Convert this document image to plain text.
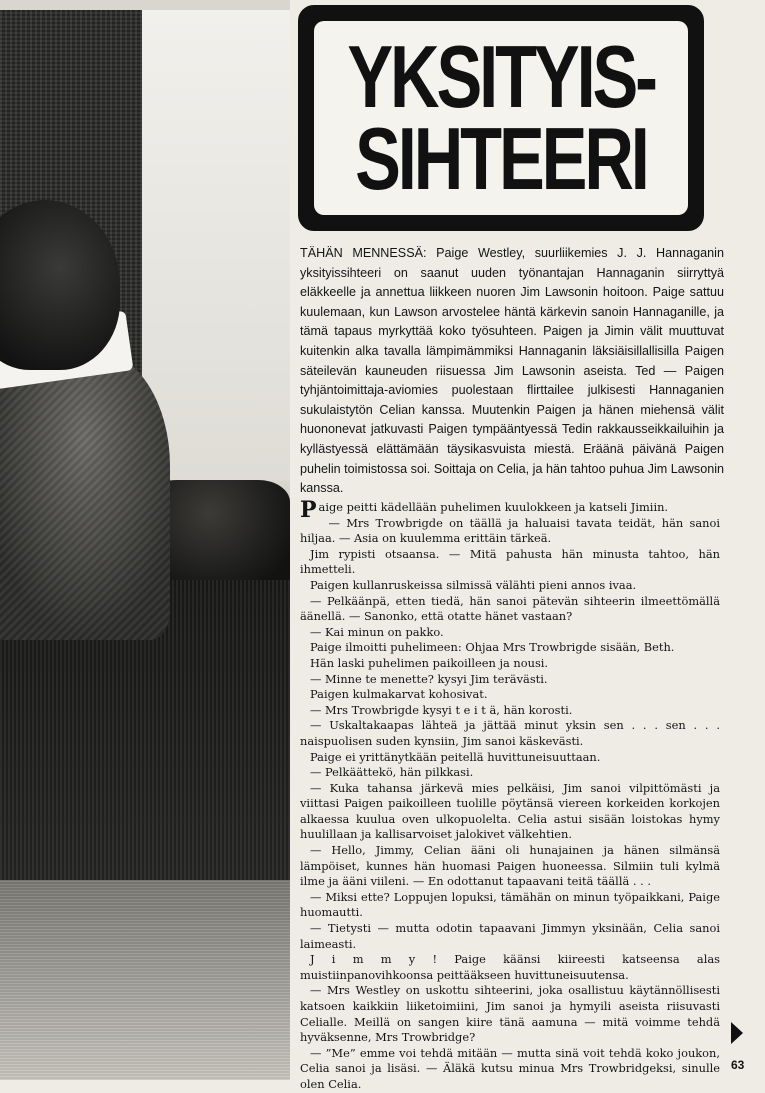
YKSITYIS-
SIHTEERI

TÄHÄN MENNESSÄ: Paige Westley, suurliikemies J. J. Hannaganin yksityissihteeri on saanut uuden työnantajan Hannaganin siirryttyä eläkkeelle ja annettua liikkeen nuoren Jim Lawsonin hoitoon. Paige sattuu kuulemaan, kun Lawson arvostelee häntä kärkevin sanoin Hannaganille, ja tämä tapaus myrkyttää koko työsuhteen. Paigen ja Jimin välit muuttuvat kuitenkin alka tavalla lämpimämmiksi Hannaganin läksiäisillallisilla Paigen säteilevän kauneuden riisuessa Jim Lawsonin aseista. Ted — Paigen tyhjäntoimittaja-aviomies puolestaan flirttailee julkisesti Hannaganien sukulaistytön Celian kanssa. Muutenkin Paigen ja hänen miehensä välit huononevat jatkuvasti Paigen tympääntyessä Tedin rakkausseikkailuihin ja kyllästyessä elättämään täysikasvuista miestä. Eräänä päivänä Paigen puhelin toimistossa soi. Soittaja on Celia, ja hän tahtoo puhua Jim Lawsonin kanssa.

Paige peitti kädellään puhelimen kuulokkeen ja katseli Jimiin.

— Mrs Trowbrigde on täällä ja haluaisi tavata teidät, hän sanoi hiljaa. — Asia on kuulemma erittäin tärkeä.

Jim rypisti otsaansa. — Mitä pahusta hän minusta tahtoo, hän ihmetteli.

Paigen kullanruskeissa silmissä välähti pieni annos ivaa.

— Pelkäänpä, etten tiedä, hän sanoi pätevän sihteerin ilmeettömällä äänellä. — Sanonko, että otatte hänet vastaan?

— Kai minun on pakko.

Paige ilmoitti puhelimeen: Ohjaa Mrs Trowbrigde sisään, Beth.

Hän laski puhelimen paikoilleen ja nousi.

— Minne te menette? kysyi Jim terävästi.

Paigen kulmakarvat kohosivat.

— Mrs Trowbrigde kysyi t e i t ä, hän korosti.

— Uskaltakaapas lähteä ja jättää minut yksin sen . . . sen . . . naispuolisen suden kynsiin, Jim sanoi käskevästi.

Paige ei yrittänytkään peitellä huvittuneisuuttaan.

— Pelkäättekö, hän pilkkasi.

— Kuka tahansa järkevä mies pelkäisi, Jim sanoi vilpittömästi ja viittasi Paigen paikoilleen tuolille pöytänsä viereen korkeiden korkojen alkaessa kuulua oven ulkopuolelta. Celia astui sisään loistokas hymy huulillaan ja kallisarvoiset jalokivet välkehtien.

— Hello, Jimmy, Celian ääni oli hunajainen ja hänen silmänsä lämpöiset, kunnes hän huomasi Paigen huoneessa. Silmiin tuli kylmä ilme ja ääni viileni. — En odottanut tapaavani teitä täällä . . .

— Miksi ette? Loppujen lopuksi, tämähän on minun työpaikkani, Paige huomautti.

— Tietysti — mutta odotin tapaavani Jimmyn yksinään, Celia sanoi laimeasti.

J i m m y ! Paige käänsi kiireesti katseensa alas muistiinpanovihkoonsa peittääkseen huvittuneisuutensa.

— Mrs Westley on uskottu sihteerini, joka osallistuu käytännöllisesti katsoen kaikkiin liiketoimiini, Jim sanoi ja hymyili aseista riisuvasti Celialle. Meillä on sangen kiire tänä aamuna — mitä voimme tehdä hyväksenne, Mrs Trowbridge?

— ”Me” emme voi tehdä mitään — mutta sinä voit tehdä koko joukon, Celia sanoi ja lisäsi. — Äläkä kutsu minua Mrs Trowbridgeksi, sinulle olen Celia.

63
